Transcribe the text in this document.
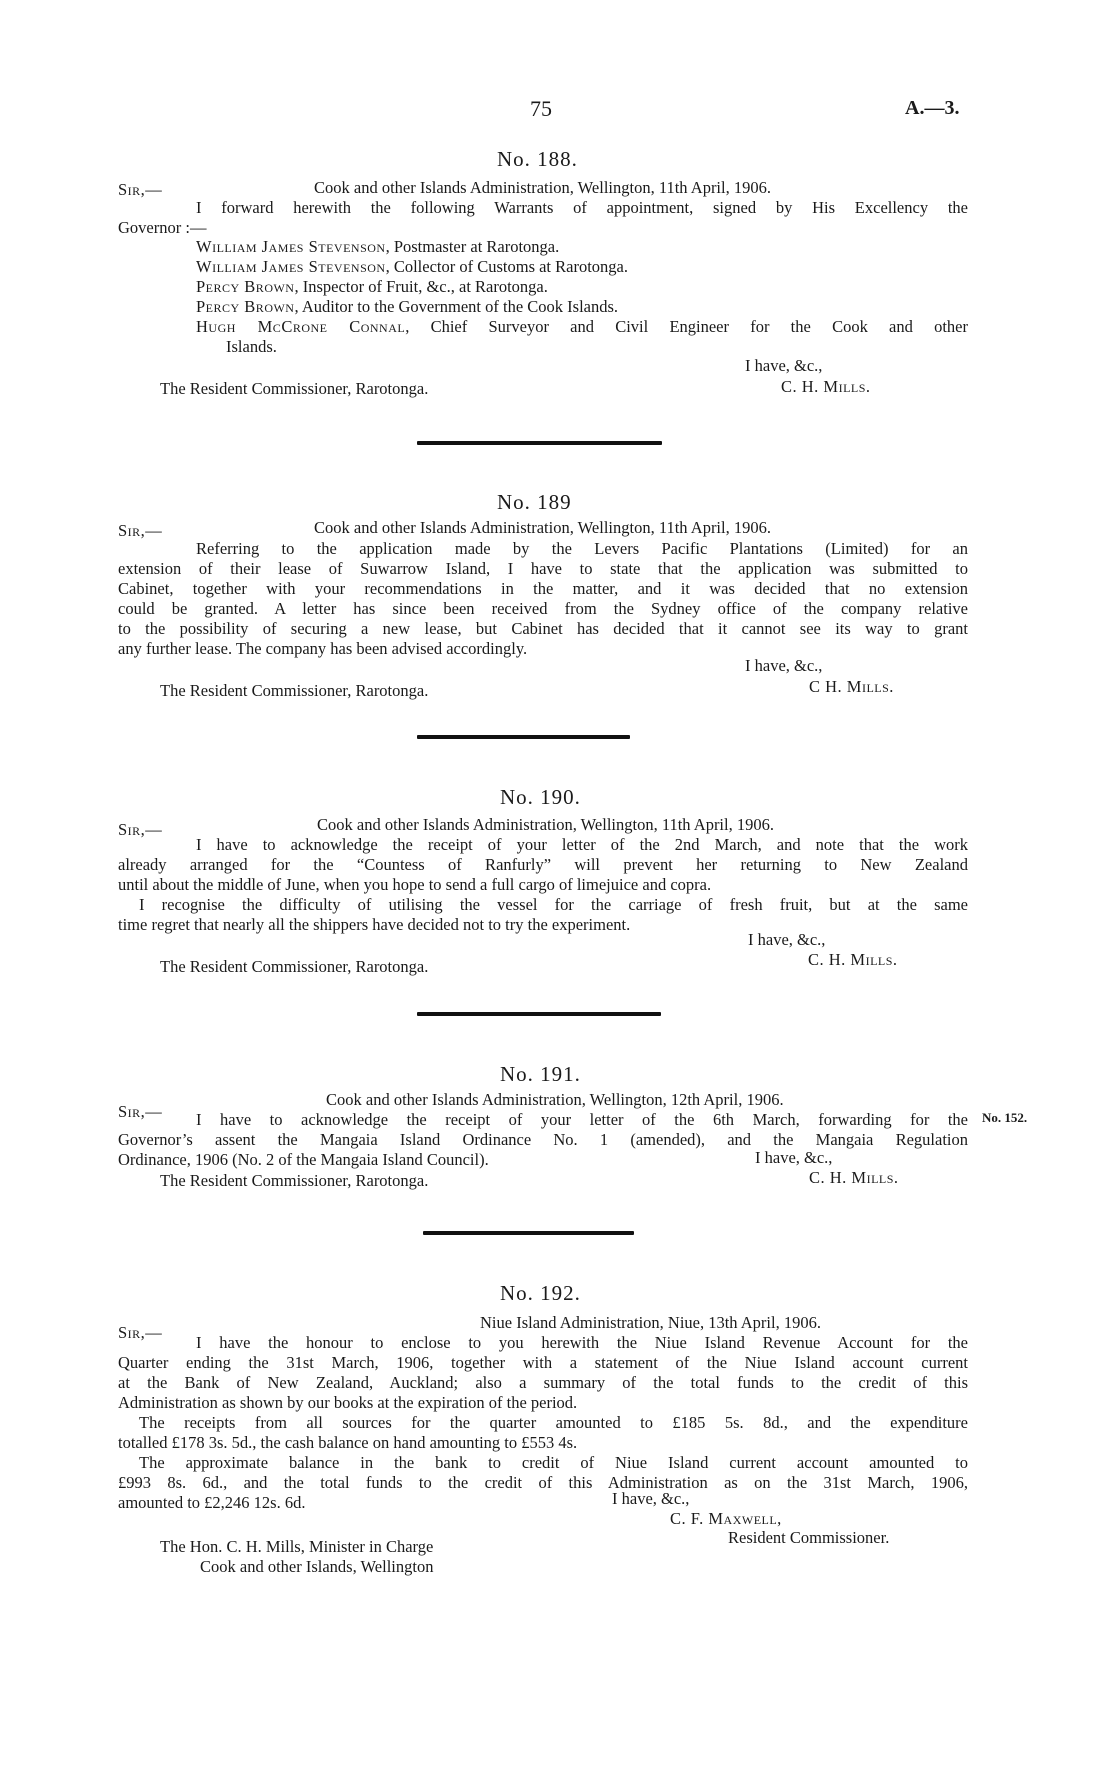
75	A.—3.
No. 188.
Sir,—	Cook and other Islands Administration, Wellington, 11th April, 1906.
I forward herewith the following Warrants of appointment, signed by His Excellency the
Governor :—
William James Stevenson, Postmaster at Rarotonga.
William James Stevenson, Collector of Customs at Rarotonga.
Percy Brown, Inspector of Fruit, &c., at Rarotonga.
Percy Brown, Auditor to the Government of the Cook Islands.
Hugh McCrone Connal, Chief Surveyor and Civil Engineer for the Cook and other
Islands.
I have, &c.,
The Resident Commissioner, Rarotonga.	C. H. Mills.
No. 189
Sir,—	Cook and other Islands Administration, Wellington, 11th April, 1906.
Referring to the application made by the Levers Pacific Plantations (Limited) for an
extension of their lease of Suwarrow Island, I have to state that the application was submitted to
Cabinet, together with your recommendations in the matter, and it was decided that no extension
could be granted. A letter has since been received from the Sydney office of the company relative
to the possibility of securing a new lease, but Cabinet has decided that it cannot see its way to grant
any further lease. The company has been advised accordingly.
I have, &c.,
The Resident Commissioner, Rarotonga.	C H. Mills.
No. 190.
Sir,—	Cook and other Islands Administration, Wellington, 11th April, 1906.
I have to acknowledge the receipt of your letter of the 2nd March, and note that the work
already arranged for the “Countess of Ranfurly” will prevent her returning to New Zealand
until about the middle of June, when you hope to send a full cargo of limejuice and copra.
I recognise the difficulty of utilising the vessel for the carriage of fresh fruit, but at the same
time regret that nearly all the shippers have decided not to try the experiment.
I have, &c.,
The Resident Commissioner, Rarotonga.	C. H. Mills.
No. 191.
Sir,—
Cook and other Islands Administration, Wellington, 12th April, 1906.
No. 152.
I have to acknowledge the receipt of your letter of the 6th March, forwarding for the
Governor’s assent the Mangaia Island Ordinance No. 1 (amended), and the Mangaia Regulation
Ordinance, 1906 (No. 2 of the Mangaia Island Council).	I have, &c.,
The Resident Commissioner, Rarotonga.	C. H. Mills.
No. 192.
Sir,—
Niue Island Administration, Niue, 13th April, 1906.
I have the honour to enclose to you herewith the Niue Island Revenue Account for the
Quarter ending the 31st March, 1906, together with a statement of the Niue Island account current
at the Bank of New Zealand, Auckland; also a summary of the total funds to the credit of this
Administration as shown by our books at the expiration of the period.
The receipts from all sources for the quarter amounted to £185 5s. 8d., and the expenditure
totalled £178 3s. 5d., the cash balance on hand amounting to £553 4s.
The approximate balance in the bank to credit of Niue Island current account amounted to
£993 8s. 6d., and the total funds to the credit of this Administration as on the 31st March, 1906,
amounted to £2,246 12s. 6d.	I have, &c.,
C. F. Maxwell,
Resident Commissioner.
The Hon. C. H. Mills, Minister in Charge
Cook and other Islands, Wellington
